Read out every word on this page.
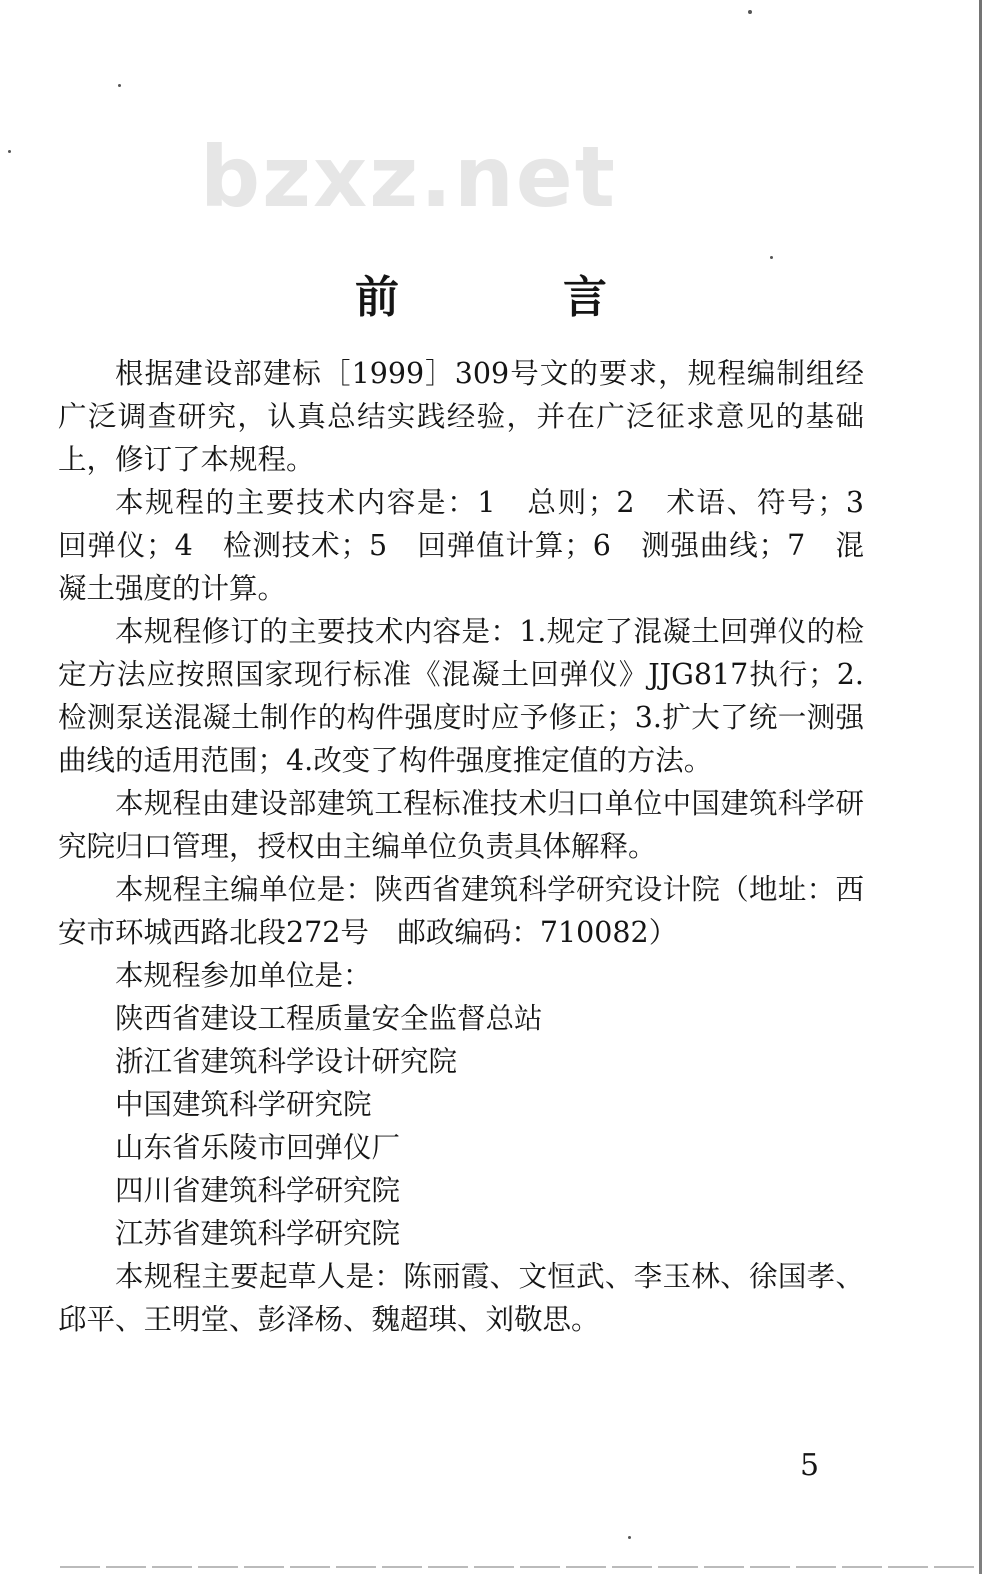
bzxz.net
前　言

根据建设部建标［1999］309号文的要求，规程编制组经广泛调查研究，认真总结实践经验，并在广泛征求意见的基础上，修订了本规程。

本规程的主要技术内容是：1　总则；2　术语、符号；3　回弹仪；4　检测技术；5　回弹值计算；6　测强曲线；7　混凝土强度的计算。

本规程修订的主要技术内容是：1.规定了混凝土回弹仪的检定方法应按照国家现行标准《混凝土回弹仪》JJG817执行；2.检测泵送混凝土制作的构件强度时应予修正；3.扩大了统一测强曲线的适用范围；4.改变了构件强度推定值的方法。

本规程由建设部建筑工程标准技术归口单位中国建筑科学研究院归口管理，授权由主编单位负责具体解释。

本规程主编单位是：陕西省建筑科学研究设计院（地址：西安市环城西路北段272号　邮政编码：710082）

本规程参加单位是：

陕西省建设工程质量安全监督总站

浙江省建筑科学设计研究院

中国建筑科学研究院

山东省乐陵市回弹仪厂

四川省建筑科学研究院

江苏省建筑科学研究院

本规程主要起草人是：陈丽霞、文恒武、李玉林、徐国孝、邱平、王明堂、彭泽杨、魏超琪、刘敬思。

5
